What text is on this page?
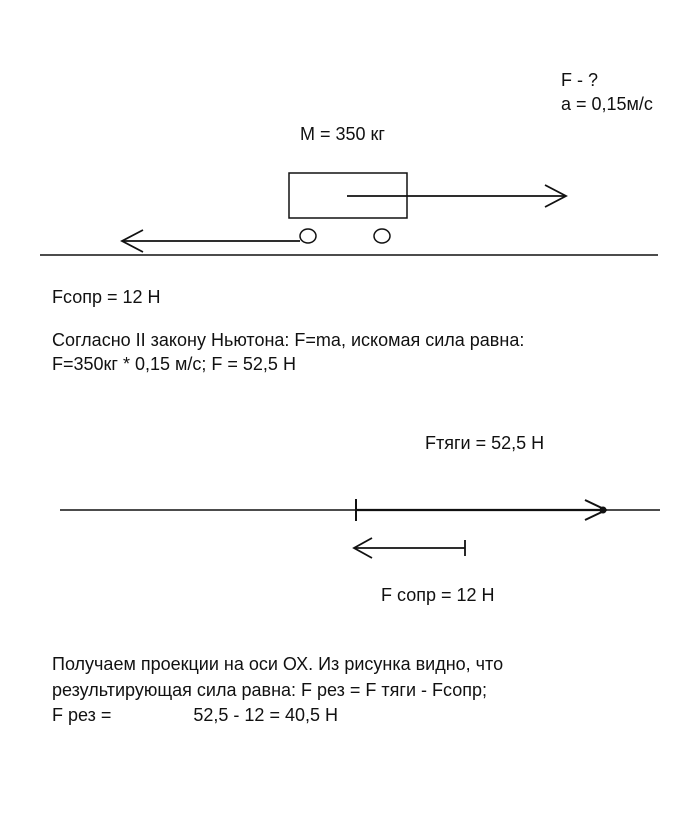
F - ?
a = 0,15м/с
M = 350 кг
Fсопр = 12 Н
Согласно II закону Ньютона: F=ma, искомая сила равна:
F=350кг * 0,15 м/с; F = 52,5 Н
Fтяги = 52,5 Н
F сопр = 12 Н
Получаем проекции на оси ОХ. Из рисунка видно, что
результирующая сила равна: F рез = F тяги - Fсопр;
F рез =	52,5 - 12 = 40,5 Н
